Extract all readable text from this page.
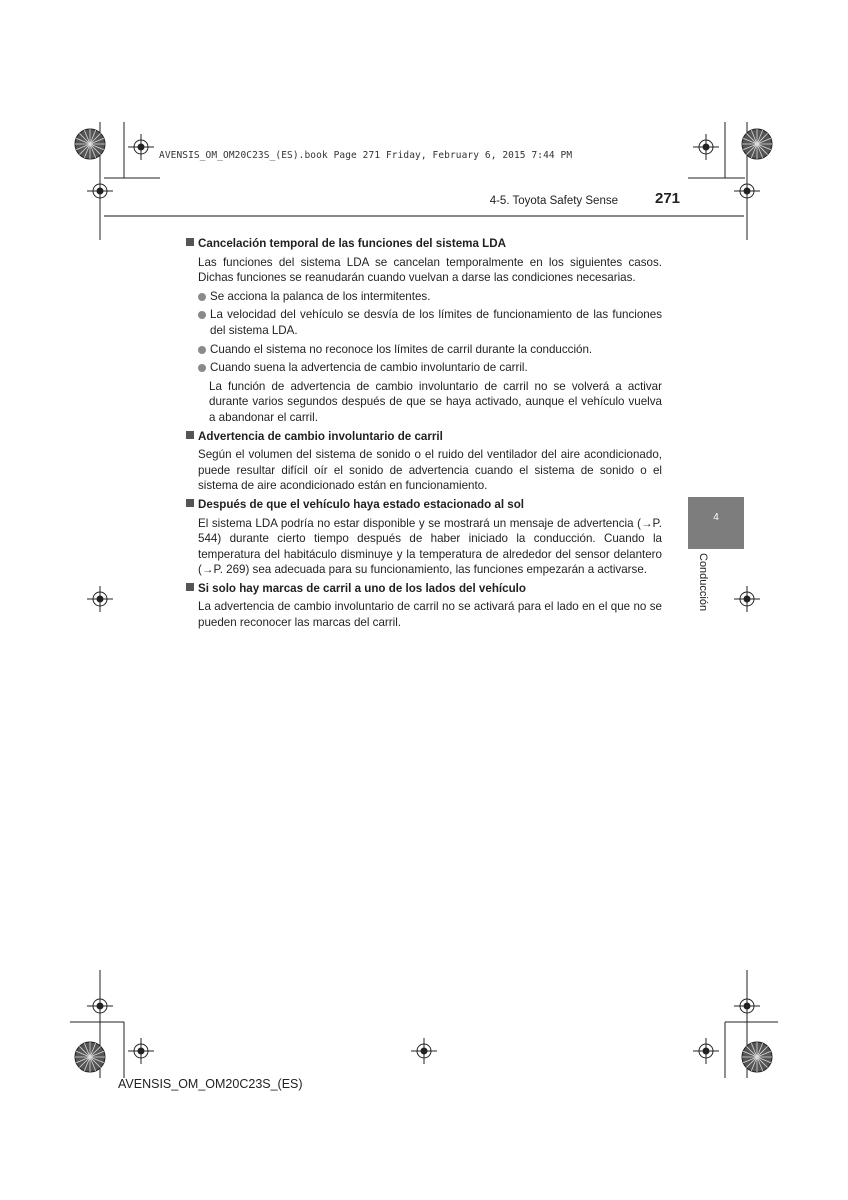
AVENSIS_OM_OM20C23S_(ES).book Page 271 Friday, February 6, 2015 7:44 PM
4-5. Toyota Safety Sense 271
4
Conducción
Cancelación temporal de las funciones del sistema LDA
Las funciones del sistema LDA se cancelan temporalmente en los siguientes casos. Dichas funciones se reanudarán cuando vuelvan a darse las condiciones necesarias.
Se acciona la palanca de los intermitentes.
La velocidad del vehículo se desvía de los límites de funcionamiento de las funciones del sistema LDA.
Cuando el sistema no reconoce los límites de carril durante la conducción.
Cuando suena la advertencia de cambio involuntario de carril.
La función de advertencia de cambio involuntario de carril no se volverá a activar durante varios segundos después de que se haya activado, aunque el vehículo vuelva a abandonar el carril.
Advertencia de cambio involuntario de carril
Según el volumen del sistema de sonido o el ruido del ventilador del aire acondicionado, puede resultar difícil oír el sonido de advertencia cuando el sistema de sonido o el sistema de aire acondicionado están en funcionamiento.
Después de que el vehículo haya estado estacionado al sol
El sistema LDA podría no estar disponible y se mostrará un mensaje de advertencia (→P. 544) durante cierto tiempo después de haber iniciado la conducción. Cuando la temperatura del habitáculo disminuye y la temperatura de alrededor del sensor delantero (→P. 269) sea adecuada para su funcionamiento, las funciones empezarán a activarse.
Si solo hay marcas de carril a uno de los lados del vehículo
La advertencia de cambio involuntario de carril no se activará para el lado en el que no se pueden reconocer las marcas del carril.
AVENSIS_OM_OM20C23S_(ES)
